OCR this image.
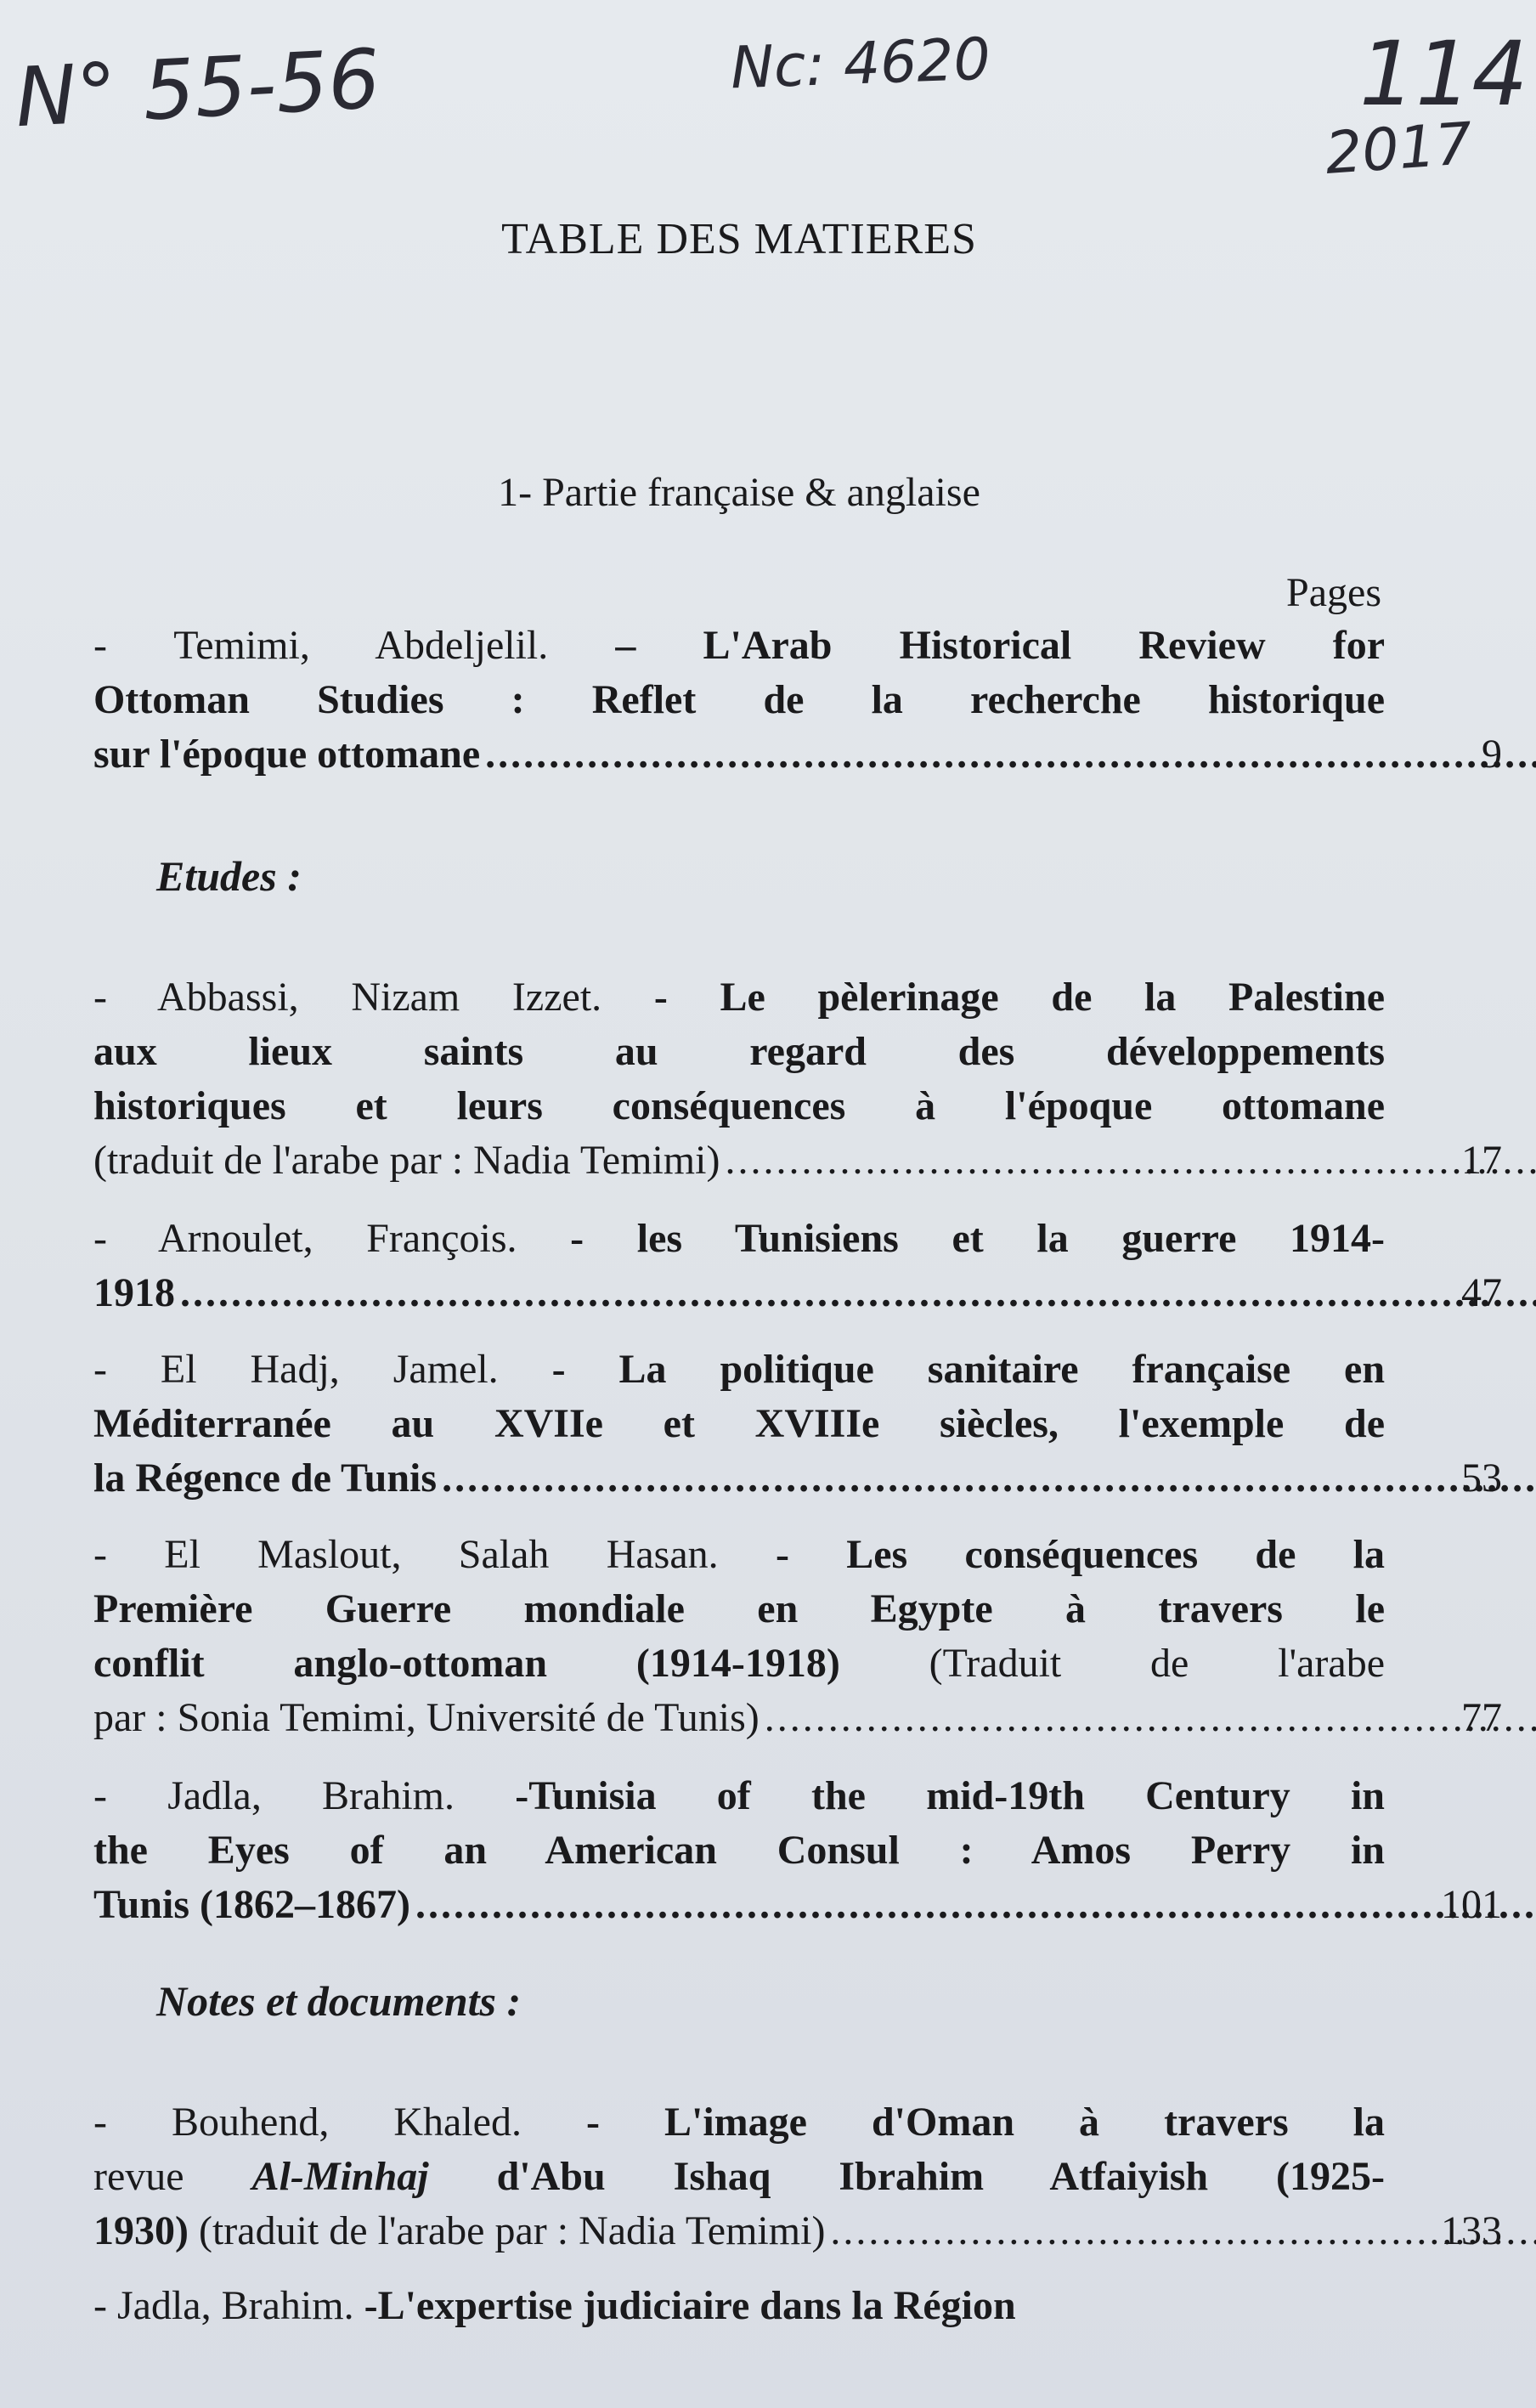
N° 55-56	Nc: 4620	114
2017
TABLE DES MATIERES
1- Partie française & anglaise
Pages
- Temimi, Abdeljelil. – L'Arab Historical Review for
Ottoman Studies : Reflet de la recherche historique
sur l'époque ottomane .....	9
Etudes :
- Abbassi, Nizam Izzet. - Le pèlerinage de la Palestine
aux lieux saints au regard des développements
historiques et leurs conséquences à l'époque ottomane
(traduit de l'arabe par : Nadia Temimi) .....	17
- Arnoulet, François. - les Tunisiens et la guerre 1914-
1918 .....	47
- El Hadj, Jamel. - La politique sanitaire française en
Méditerranée au XVIIe et XVIIIe siècles, l'exemple de
la Régence de Tunis .....	53
- El Maslout, Salah Hasan. - Les conséquences de la
Première Guerre mondiale en Egypte à travers le
conflit anglo-ottoman (1914-1918) (Traduit de l'arabe
par : Sonia Temimi, Université de Tunis) .....	77
- Jadla, Brahim. -Tunisia of the mid-19th Century in
the Eyes of an American Consul : Amos Perry in
Tunis (1862–1867) .....	101
Notes et documents :
- Bouhend, Khaled. - L'image d'Oman à travers la
revue Al-Minhaj d'Abu Ishaq Ibrahim Atfaiyish (1925-
1930) (traduit de l'arabe par : Nadia Temimi) .....	133
- Jadla, Brahim. -L'expertise judiciaire dans la Région
